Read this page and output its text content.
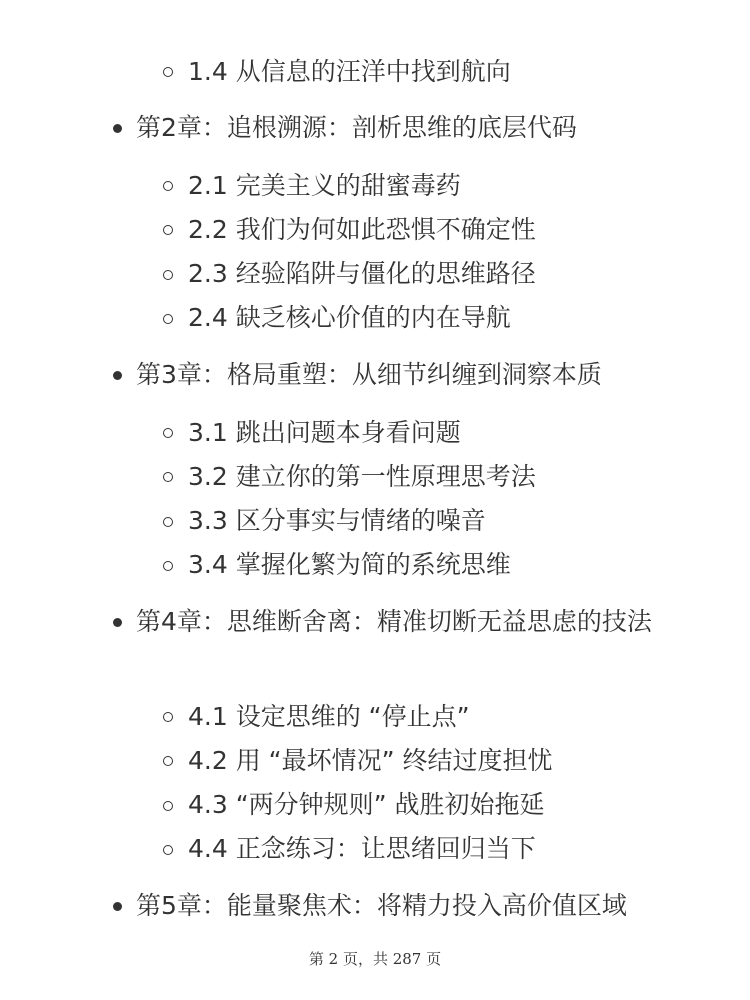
1.4 从信息的汪洋中找到航向
第2章：追根溯源：剖析思维的底层代码
2.1 完美主义的甜蜜毒药
2.2 我们为何如此恐惧不确定性
2.3 经验陷阱与僵化的思维路径
2.4 缺乏核心价值的内在导航
第3章：格局重塑：从细节纠缠到洞察本质
3.1 跳出问题本身看问题
3.2 建立你的第一性原理思考法
3.3 区分事实与情绪的噪音
3.4 掌握化繁为简的系统思维
第4章：思维断舍离：精准切断无益思虑的技法
4.1 设定思维的 “停止点”
4.2 用 “最坏情况” 终结过度担忧
4.3 “两分钟规则” 战胜初始拖延
4.4 正念练习：让思绪回归当下
第5章：能量聚焦术：将精力投入高价值区域
第 2 页，共 287 页
